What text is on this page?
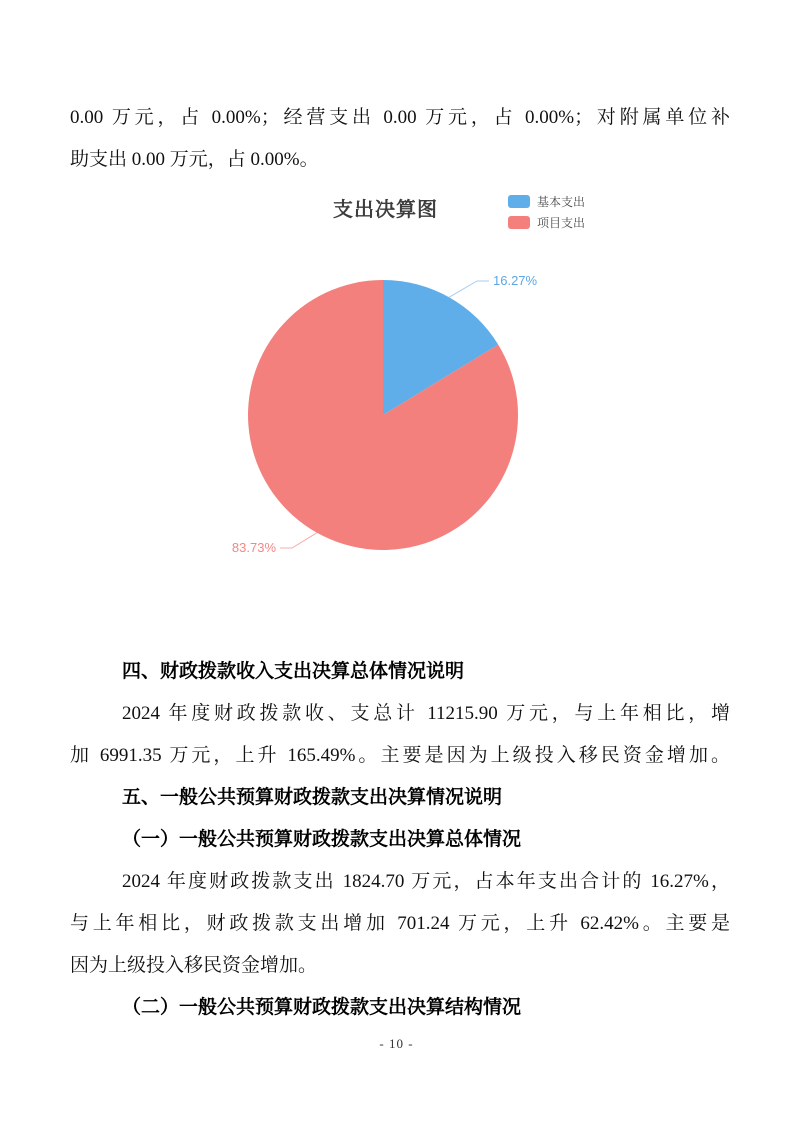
0.00 万元，占 0.00%；经营支出 0.00 万元，占 0.00%；对附属单位补
助支出 0.00 万元，占 0.00%。
支出决算图	基本支出
项目支出
16.27%
83.73%
四、财政拨款收入支出决算总体情况说明
2024 年度财政拨款收、支总计 11215.90 万元，与上年相比，增
加 6991.35 万元，上升 165.49%。主要是因为上级投入移民资金增加。
五、一般公共预算财政拨款支出决算情况说明
（一）一般公共预算财政拨款支出决算总体情况
2024 年度财政拨款支出 1824.70 万元，占本年支出合计的 16.27%，
与上年相比，财政拨款支出增加 701.24 万元，上升 62.42%。主要是
因为上级投入移民资金增加。
（二）一般公共预算财政拨款支出决算结构情况
- 10 -
